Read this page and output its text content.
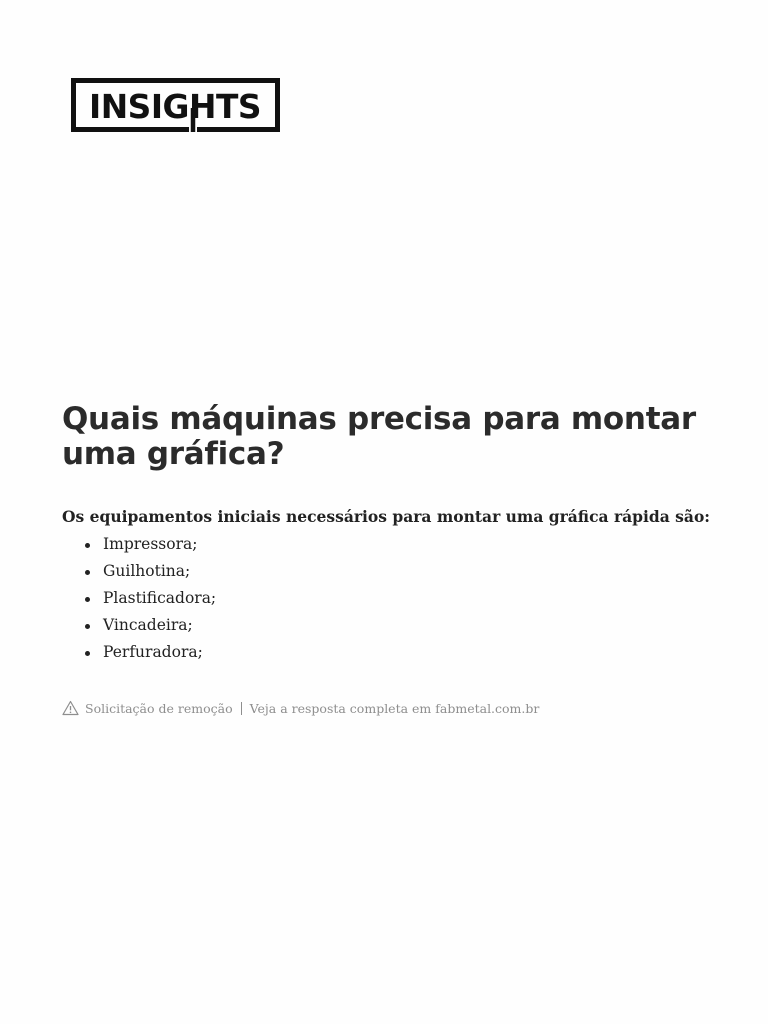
INSIGHTS
Quais máquinas precisa para montar uma gráfica?

Os equipamentos iniciais necessários para montar uma gráfica rápida são:

Impressora;
Guilhotina;
Plastificadora;
Vincadeira;
Perfuradora;
Solicitação de remoção Veja a resposta completa em fabmetal.com.br
